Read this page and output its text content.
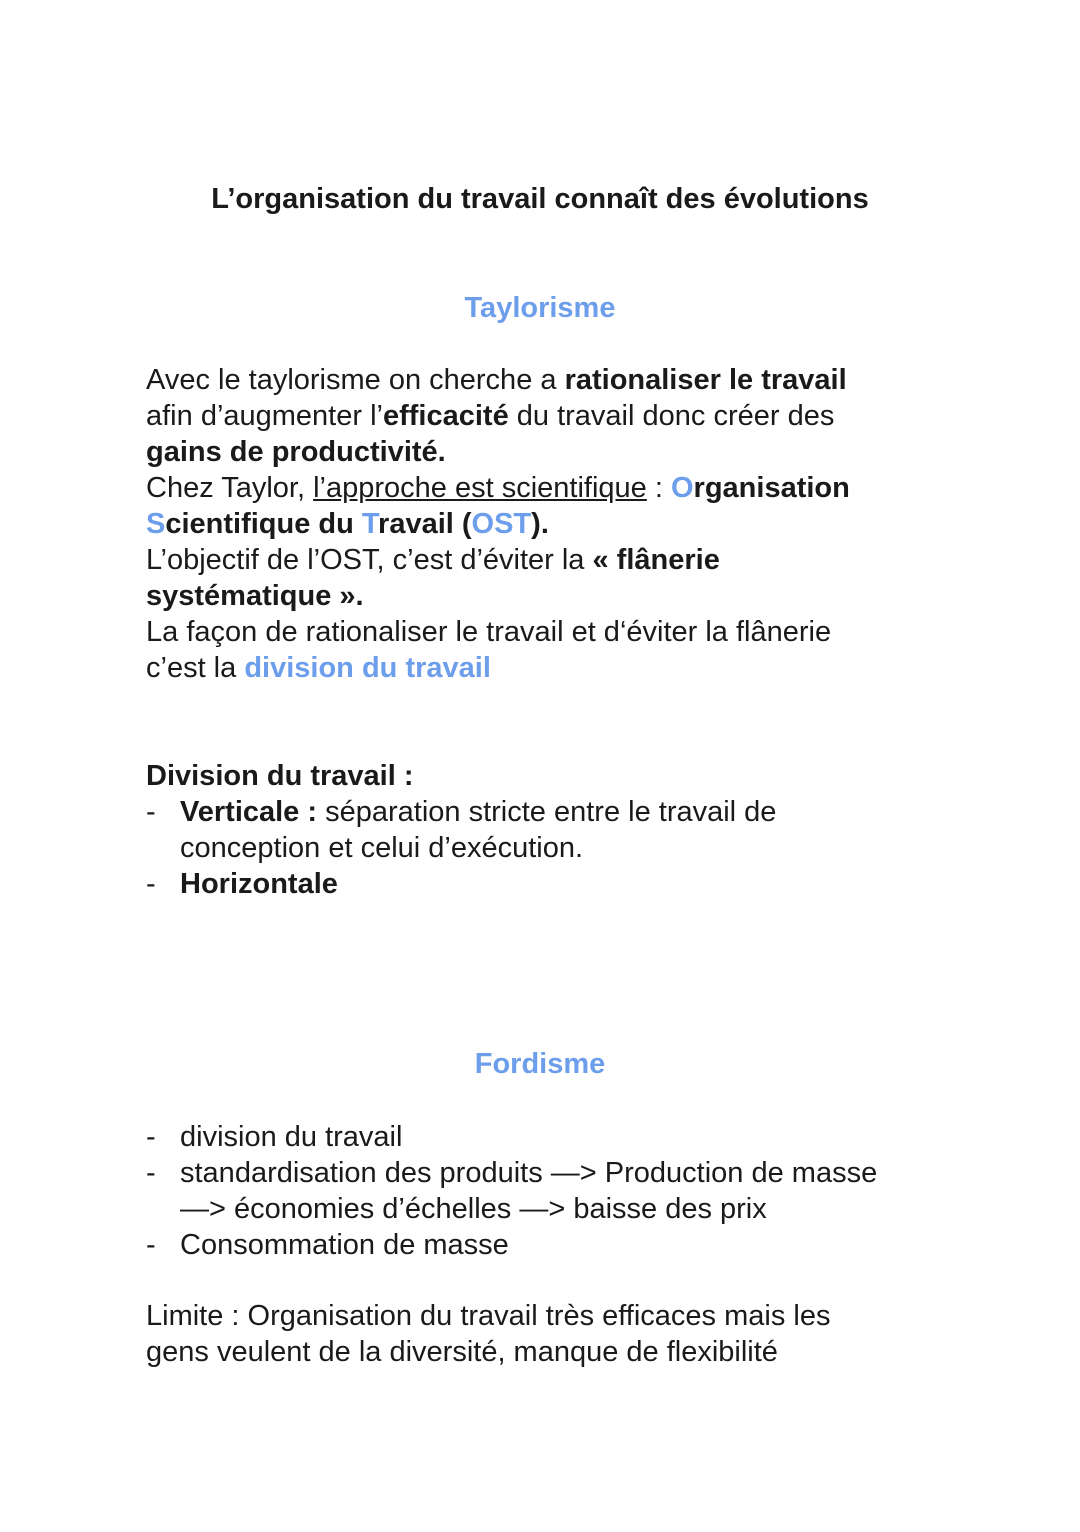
L’organisation du travail connaît des évolutions
Taylorisme

Avec le taylorisme on cherche a rationaliser le travail
afin d’augmenter l’efficacité du travail donc créer des
gains de productivité.

Chez Taylor, l’approche est scientifique : Organisation
Scientifique du Travail (OST).

L’objectif de l’OST, c’est d’éviter la « flânerie
systématique ».

La façon de rationaliser le travail et d‘éviter la flânerie
c’est la division du travail

Division du travail :

- Verticale : séparation stricte entre le travail de
conception et celui d’exécution.
- Horizontale
Fordisme
- division du travail
- standardisation des produits —> Production de masse
—> économies d’échelles —> baisse des prix
- Consommation de masse

Limite : Organisation du travail très efficaces mais les
gens veulent de la diversité, manque de flexibilité
